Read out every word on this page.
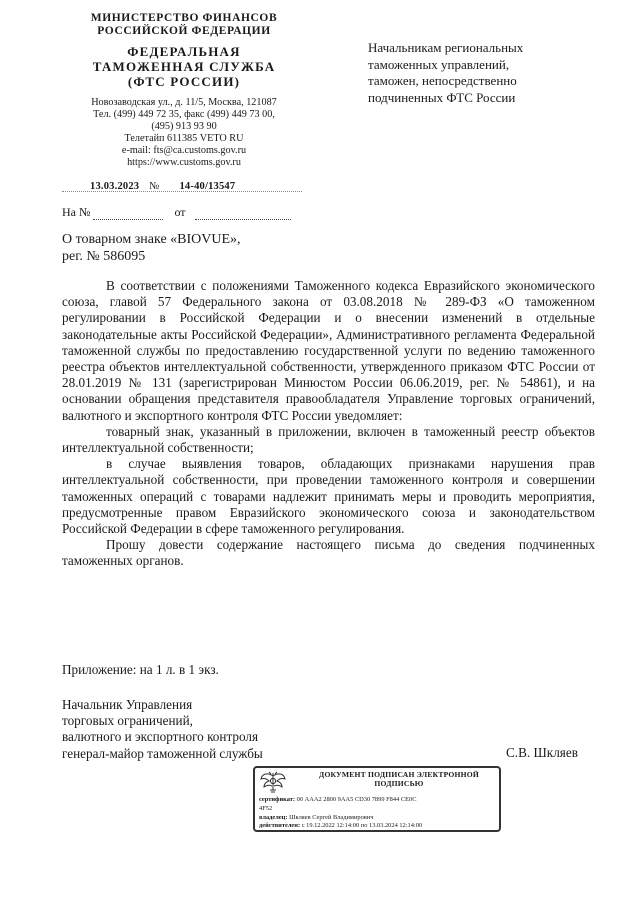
МИНИСТЕРСТВО ФИНАНСОВ
РОССИЙСКОЙ ФЕДЕРАЦИИ
ФЕДЕРАЛЬНАЯ
ТАМОЖЕННАЯ СЛУЖБА
(ФТС РОССИИ)
Новозаводская ул., д. 11/5, Москва, 121087
Тел. (499) 449 72 35, факс (499) 449 73 00,
(495) 913 93 90
Телетайп 611385 VETO RU
e-mail: fts@ca.customs.gov.ru
https://www.customs.gov.ru
13.03.2023 № 14-40/13547
На №	от
Начальникам региональных
таможенных управлений,
таможен, непосредственно
подчиненных ФТС России
О товарном знаке «BIOVUE»,
рег. № 586095

В соответствии с положениями Таможенного кодекса Евразийского экономического союза, главой 57 Федерального закона от 03.08.2018 № 289-ФЗ «О таможенном регулировании в Российской Федерации и о внесении изменений в отдельные законодательные акты Российской Федерации», Административного регламента Федеральной таможенной службы по предоставлению государственной услуги по ведению таможенного реестра объектов интеллектуальной собственности, утвержденного приказом ФТС России от 28.01.2019 № 131 (зарегистрирован Минюстом России 06.06.2019, рег. № 54861), и на основании обращения представителя правообладателя Управление торговых ограничений, валютного и экспортного контроля ФТС России уведомляет:

товарный знак, указанный в приложении, включен в таможенный реестр объектов интеллектуальной собственности;

в случае выявления товаров, обладающих признаками нарушения прав интеллектуальной собственности, при проведении таможенного контроля и совершении таможенных операций с товарами надлежит принимать меры и проводить мероприятия, предусмотренные правом Евразийского экономического союза и законодательством Российской Федерации в сфере таможенного регулирования.

Прошу довести содержание настоящего письма до сведения подчиненных таможенных органов.

Приложение: на 1 л. в 1 экз.
Начальник Управления
торговых ограничений,
валютного и экспортного контроля
генерал-майор таможенной службы	С.В. Шкляев
ДОКУМЕНТ ПОДПИСАН ЭЛЕКТРОННОЙ
ПОДПИСЬЮ
сертификат: 00 AAA2 2800 9AA5 CD30 7899 F844 CE0C
4F52
владелец: Шкляев Сергей Владимирович
действителен: с 19.12.2022 12:14:00 по 13.03.2024 12:14:00
